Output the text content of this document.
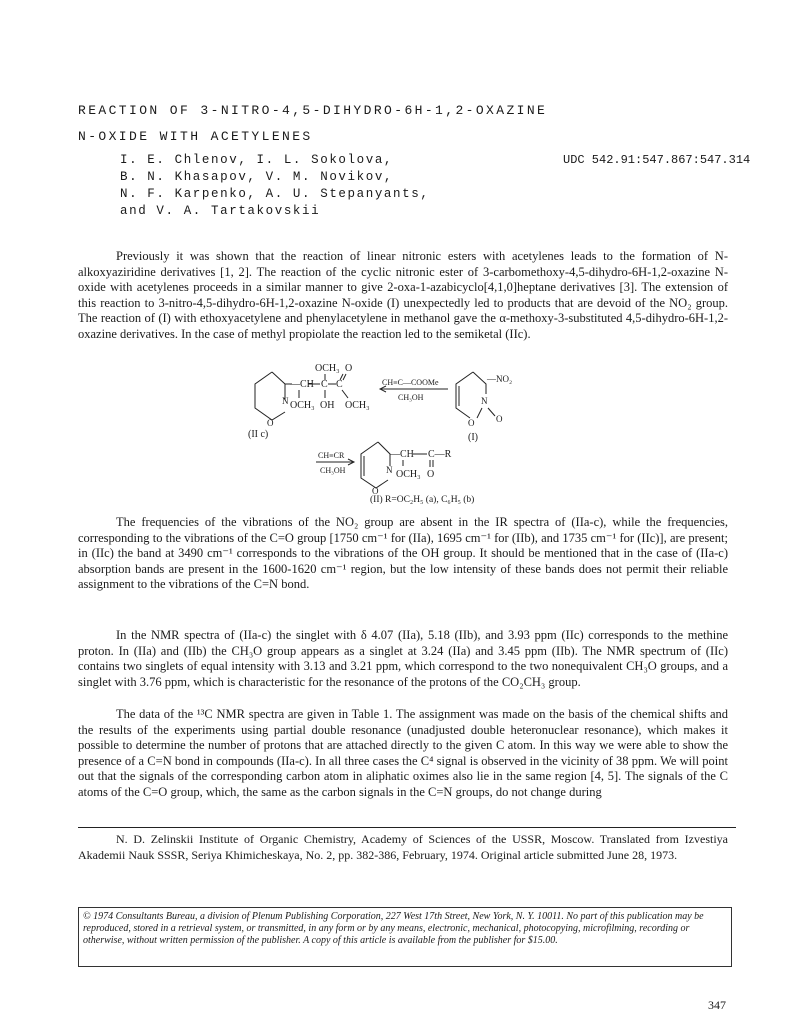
REACTION OF 3-NITRO-4,5-DIHYDRO-6H-1,2-OXAZINE
N-OXIDE WITH ACETYLENES
I. E. Chlenov, I. L. Sokolova,
B. N. Khasapov, V. M. Novikov,
N. F. Karpenko, A. U. Stepanyants,
and V. A. Tartakovskii
UDC 542.91:547.867:547.314
Previously it was shown that the reaction of linear nitronic esters with acetylenes leads to the formation of N-alkoxyaziridine derivatives [1, 2]. The reaction of the cyclic nitronic ester of 3-carbomethoxy-4,5-dihydro-6H-1,2-oxazine N-oxide with acetylenes proceeds in a similar manner to give 2-oxa-1-azabicyclo[4,1,0]heptane derivatives [3]. The extension of this reaction to 3-nitro-4,5-dihydro-6H-1,2-oxazine N-oxide (I) unexpectedly led to products that are devoid of the NO₂ group. The reaction of (I) with ethoxyacetylene and phenylacetylene in methanol gave the α-methoxy-3-substituted 4,5-dihydro-6H-1,2-oxazine derivatives. In the case of methyl propiolate the reaction led to the semiketal (IIc).
—CH C C
OCH₃ O
N OCH₃ OH OCH₃
O
(II c)
CH≡C—COOMe
CH₃OH
—NO₂
N
O O
(I)
CH≡CR
CH₃OH
—CH C—R
N OCH₃ O
O
(II) R=OC₂H₅ (a), C₆H₅ (b)
The frequencies of the vibrations of the NO₂ group are absent in the IR spectra of (IIa-c), while the frequencies, corresponding to the vibrations of the C=O group [1750 cm⁻¹ for (IIa), 1695 cm⁻¹ for (IIb), and 1735 cm⁻¹ for (IIc)], are present; in (IIc) the band at 3490 cm⁻¹ corresponds to the vibrations of the OH group. It should be mentioned that in the case of (IIa-c) absorption bands are present in the 1600-1620 cm⁻¹ region, but the low intensity of these bands does not permit their reliable assignment to the vibrations of the C=N bond.
In the NMR spectra of (IIa-c) the singlet with δ 4.07 (IIa), 5.18 (IIb), and 3.93 ppm (IIc) corresponds to the methine proton. In (IIa) and (IIb) the CH₃O group appears as a singlet at 3.24 (IIa) and 3.45 ppm (IIb). The NMR spectrum of (IIc) contains two singlets of equal intensity with 3.13 and 3.21 ppm, which correspond to the two nonequivalent CH₃O groups, and a singlet with 3.76 ppm, which is characteristic for the resonance of the protons of the CO₂CH₃ group.
The data of the ¹³C NMR spectra are given in Table 1. The assignment was made on the basis of the chemical shifts and the results of the experiments using partial double resonance (unadjusted double heteronuclear resonance), which makes it possible to determine the number of protons that are attached directly to the given C atom. In this way we were able to show the presence of a C=N bond in compounds (IIa-c). In all three cases the C⁴ signal is observed in the vicinity of 38 ppm. We will point out that the signals of the corresponding carbon atom in aliphatic oximes also lie in the same region [4, 5]. The signals of the C atoms of the C=O group, which, the same as the carbon signals in the C=N groups, do not change during
N. D. Zelinskii Institute of Organic Chemistry, Academy of Sciences of the USSR, Moscow. Translated from Izvestiya Akademii Nauk SSSR, Seriya Khimicheskaya, No. 2, pp. 382-386, February, 1974. Original article submitted June 28, 1973.
© 1974 Consultants Bureau, a division of Plenum Publishing Corporation, 227 West 17th Street, New York, N. Y. 10011. No part of this publication may be reproduced, stored in a retrieval system, or transmitted, in any form or by any means, electronic, mechanical, photocopying, microfilming, recording or otherwise, without written permission of the publisher. A copy of this article is available from the publisher for $15.00.
347
